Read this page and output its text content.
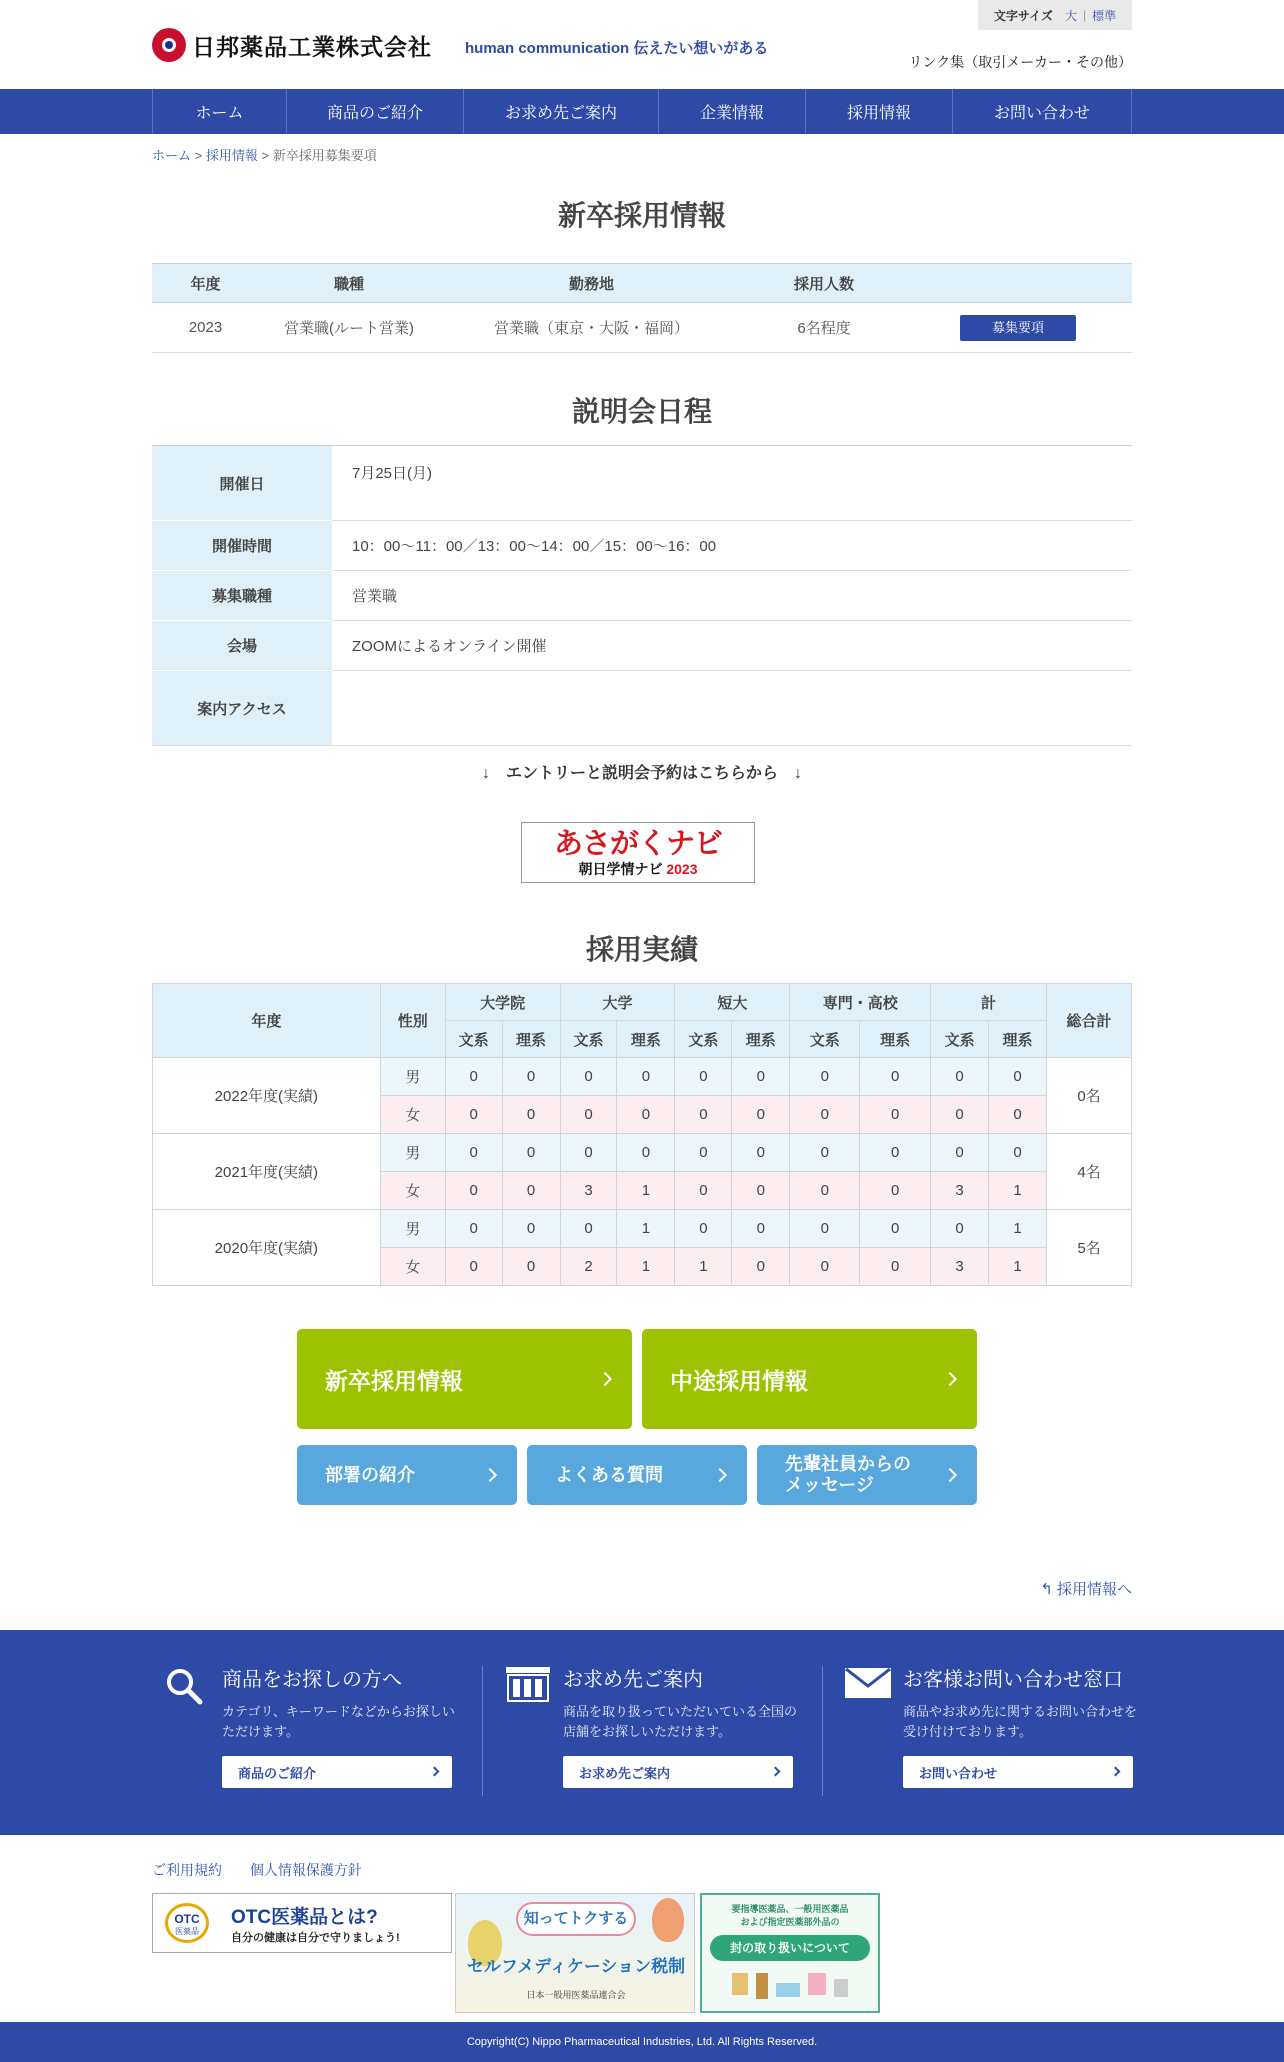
日邦薬品工業株式会社 human communication 伝えたい想いがある
文字サイズ 大 | 標準
リンク集（取引メーカー・その他）
ホーム	商品のご紹介	お求め先ご案内	企業情報	採用情報	お問い合わせ
ホーム > 採用情報 > 新卒採用募集要項
新卒採用情報
年度	職種	勤務地	採用人数	
2023	営業職(ルート営業)	営業職（東京・大阪・福岡）	6名程度	募集要項
説明会日程
開催日	7月25日(月)
開催時間	10：00～11：00／13：00～14：00／15：00～16：00
募集職種	営業職
会場	ZOOMによるオンライン開催
案内アクセス	
↓　エントリーと説明会予約はこちらから　↓
あさがくナビ
朝日学情ナビ 2023
採用実績
年度	性別	大学院		大学		短大		専門・高校		計		総合計
		文系	理系	文系	理系	文系	理系	文系	理系	文系	理系	
2022年度(実績)	男	0	0	0	0	0	0	0	0	0	0	0名
	女	0	0	0	0	0	0	0	0	0	0	
2021年度(実績)	男	0	0	0	0	0	0	0	0	0	0	4名
	女	0	0	3	1	0	0	0	0	3	1	
2020年度(実績)	男	0	0	0	1	0	0	0	0	0	1	5名
	女	0	0	2	1	1	0	0	0	3	1	
新卒採用情報	中途採用情報
部署の紹介	よくある質問
先輩社員からの
メッセージ
↰ 採用情報へ
商品をお探しの方へ

カテゴリ、キーワードなどからお探しいただけます。

商品のご紹介
お求め先ご案内

商品を取り扱っていただいている全国の店舗をお探しいただけます。

お求め先ご案内
お客様お問い合わせ窓口

商品やお求め先に関するお問い合わせを受け付けております。

お問い合わせ
ご利用規約 個人情報保護方針
OTC
医薬品
OTC医薬品とは?
自分の健康は自分で守りましょう!
知ってトクする
セルフメディケーション税制
日本一般用医薬品連合会
要指導医薬品、一般用医薬品
および指定医薬部外品の
封の取り扱いについて
Copyright(C) Nippo Pharmaceutical Industries, Ltd. All Rights Reserved.
